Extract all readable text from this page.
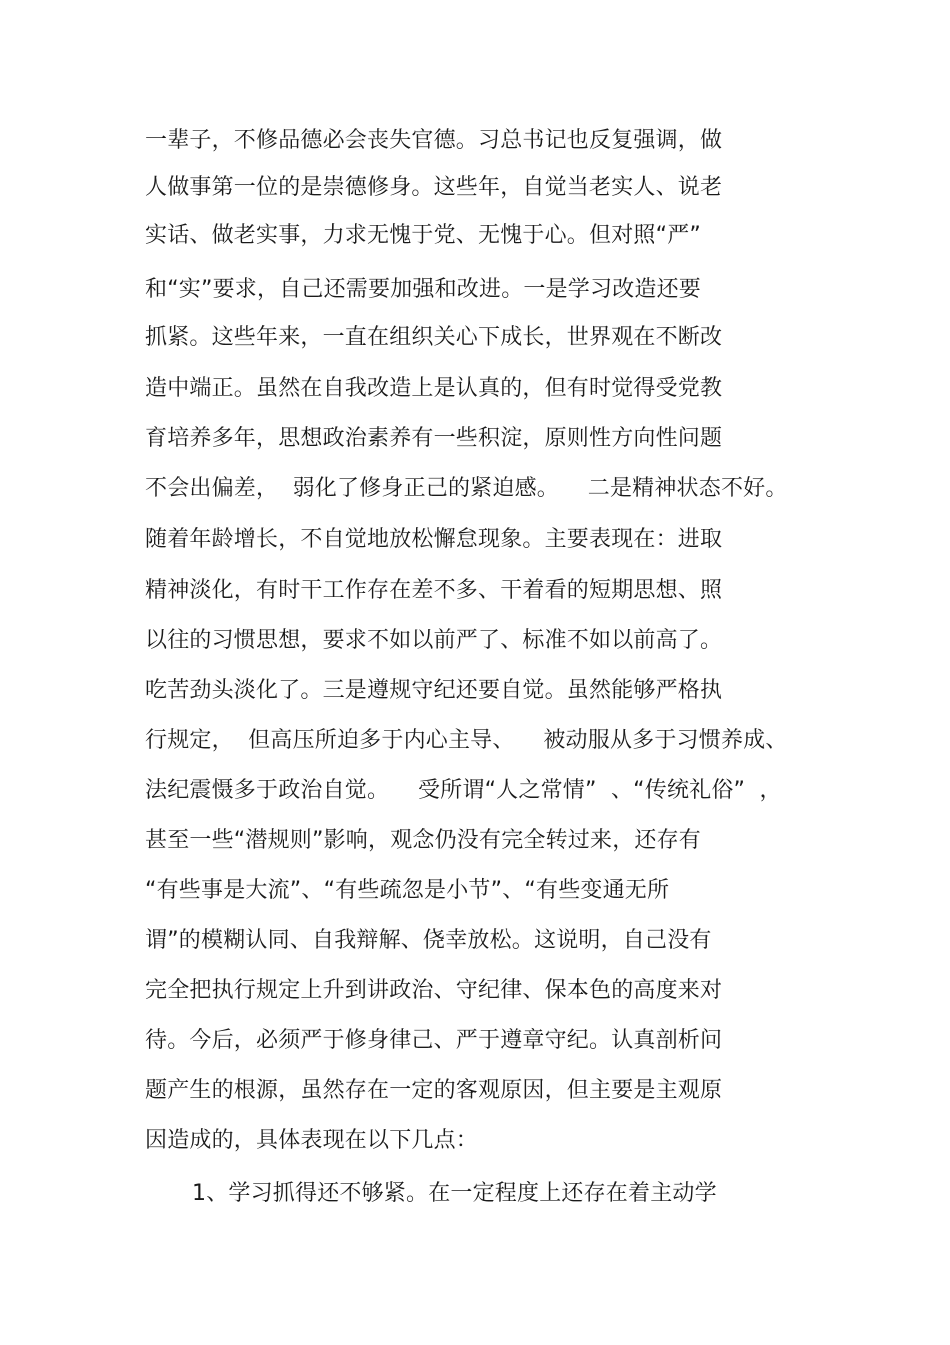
一辈子，不修品德必会丧失官德。习总书记也反复强调，做
人做事第一位的是崇德修身。这些年，自觉当老实人、说老
实话、做老实事，力求无愧于党、无愧于心。但对照“严”
和“实”要求，自己还需要加强和改进。一是学习改造还要
抓紧。这些年来，一直在组织关心下成长，世界观在不断改
造中端正。虽然在自我改造上是认真的，但有时觉得受党教
育培养多年，思想政治素养有一些积淀，原则性方向性问题
不会出偏差，  弱化了修身正己的紧迫感。    二是精神状态不好。
随着年龄增长，不自觉地放松懈怠现象。主要表现在：进取
精神淡化，有时干工作存在差不多、干着看的短期思想、照
以往的习惯思想，要求不如以前严了、标准不如以前高了。
吃苦劲头淡化了。三是遵规守纪还要自觉。虽然能够严格执
行规定，  但高压所迫多于内心主导、    被动服从多于习惯养成、
法纪震慑多于政治自觉。    受所谓“人之常情”  、“传统礼俗”  ，
甚至一些“潜规则”影响，观念仍没有完全转过来，还存有
“有些事是大流”、“有些疏忽是小节”、“有些变通无所
谓”的模糊认同、自我辩解、侥幸放松。这说明，自己没有
完全把执行规定上升到讲政治、守纪律、保本色的高度来对
待。今后，必须严于修身律己、严于遵章守纪。认真剖析问
题产生的根源，虽然存在一定的客观原因，但主要是主观原
因造成的，具体表现在以下几点：
1、学习抓得还不够紧。在一定程度上还存在着主动学
